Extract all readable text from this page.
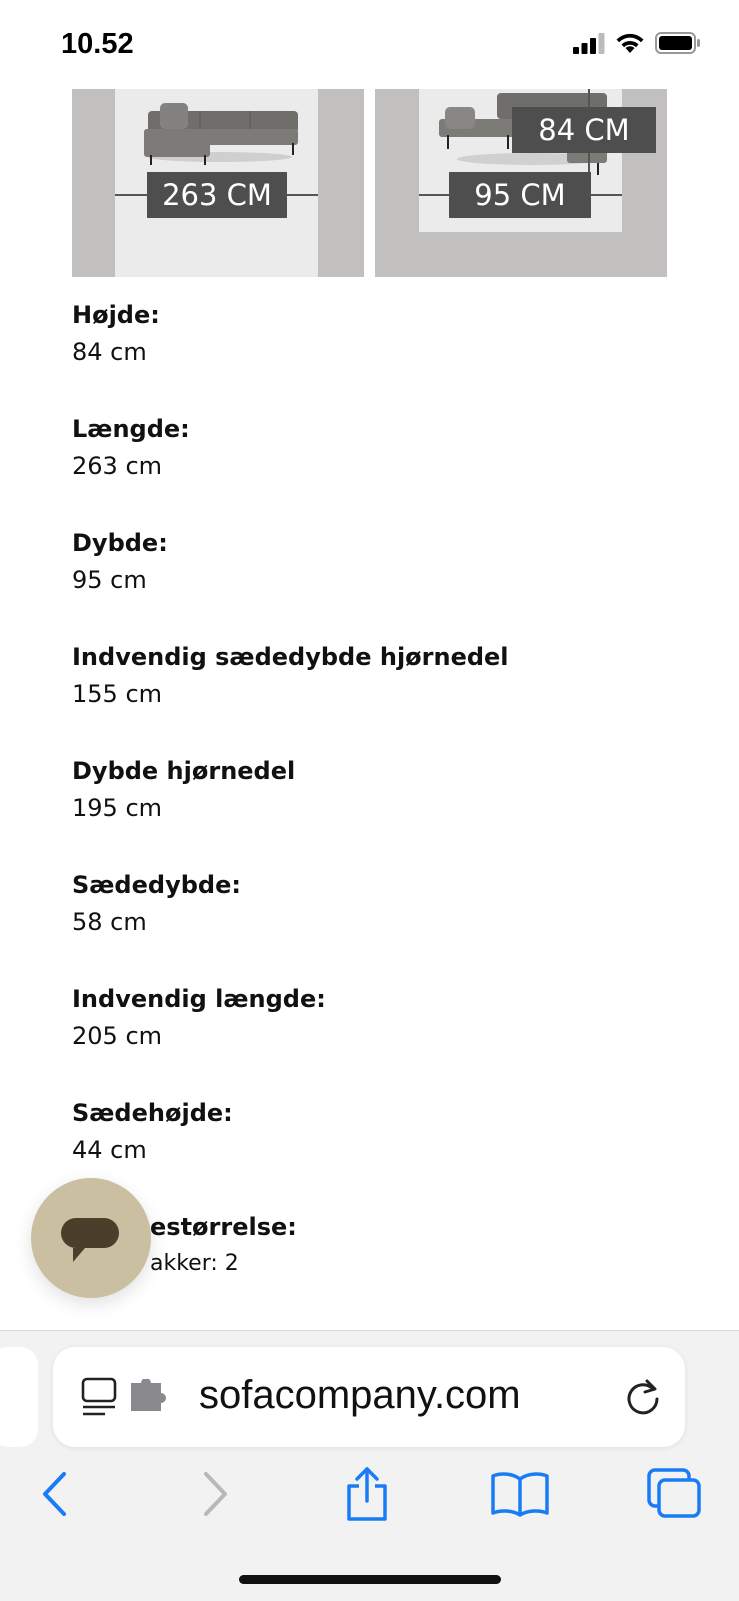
10.52
263 CM
84 CM
95 CM
Højde:
84 cm
Længde:
263 cm
Dybde:
95 cm
Indvendig sædedybde hjørnedel
155 cm
Dybde hjørnedel
195 cm
Sædedybde:
58 cm
Indvendig længde:
205 cm
Sædehøjde:
44 cm
estørrelse:
akker: 2
sofacompany.com
